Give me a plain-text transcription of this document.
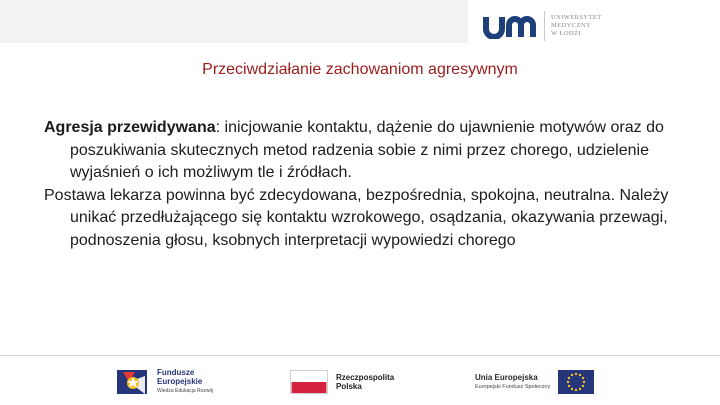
UNIWERSYTET
MEDYCZNY
W ŁODZI
Przeciwdziałanie zachowaniom agresywnym

Agresja przewidywana: inicjowanie kontaktu, dążenie do ujawnienie motywów oraz do poszukiwania skutecznych metod radzenia sobie z nimi przez chorego, udzielenie wyjaśnień o ich możliwym tle i źródłach.

Postawa lekarza powinna być zdecydowana, bezpośrednia, spokojna, neutralna. Należy unikać przedłużającego się kontaktu wzrokowego, osądzania, okazywania przewagi, podnoszenia głosu, ksobnych interpretacji wypowiedzi chorego

Fundusze
Europejskie
Wiedza Edukacja Rozwój
Rzeczpospolita
Polska
Unia Europejska
Europejski Fundusz Społeczny
